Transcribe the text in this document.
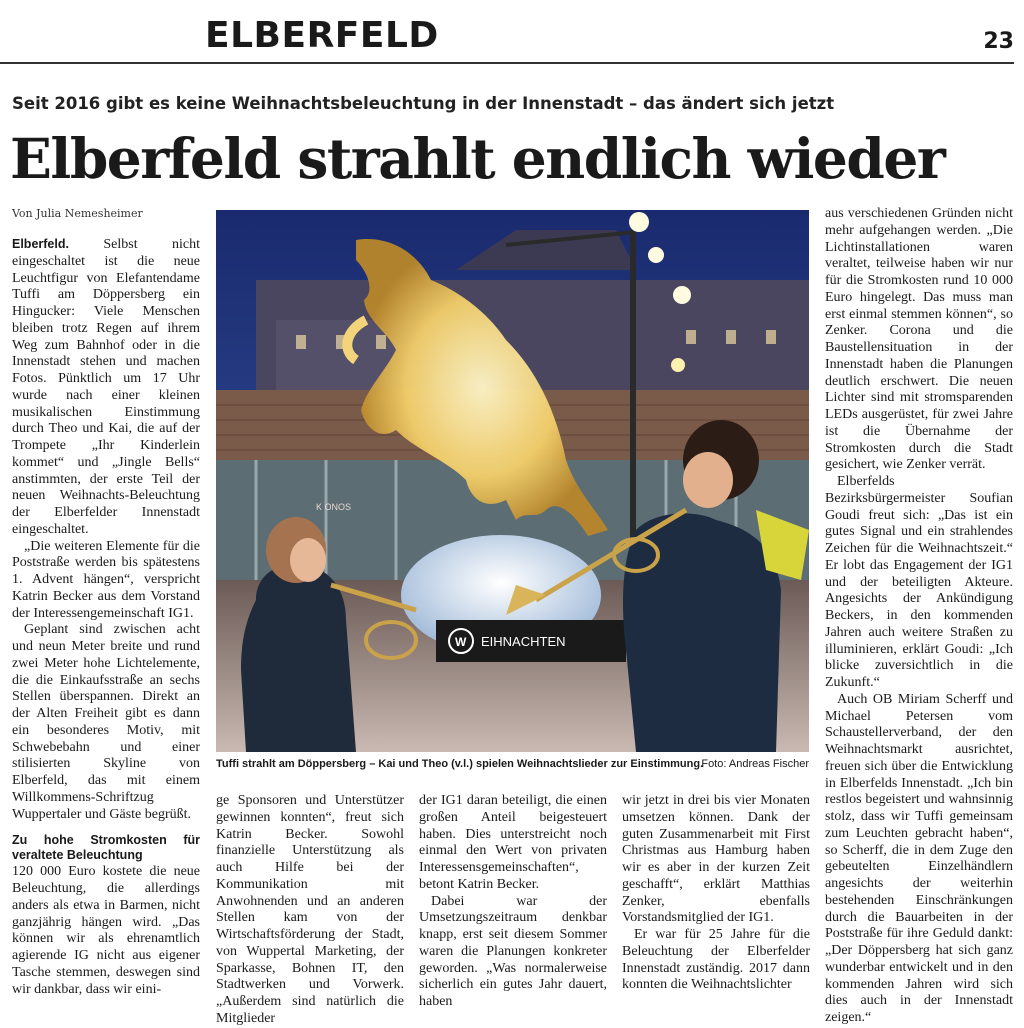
ELBERFELD	23
Seit 2016 gibt es keine Weihnachtsbeleuchtung in der Innenstadt – das ändert sich jetzt
Elberfeld strahlt endlich wieder
Von Julia Nemesheimer

Elberfeld. Selbst nicht eingeschaltet ist die neue Leuchtfigur von Elefantendame Tuffi am Döppersberg ein Hingucker: Viele Menschen bleiben trotz Regen auf ihrem Weg zum Bahnhof oder in die Innenstadt stehen und machen Fotos. Pünktlich um 17 Uhr wurde nach einer kleinen musikalischen Einstimmung durch Theo und Kai, die auf der Trompete „Ihr Kinderlein kommet“ und „Jingle Bells“ anstimmten, der erste Teil der neuen Weihnachts-Beleuchtung der Elberfelder Innenstadt eingeschaltet.

„Die weiteren Elemente für die Poststraße werden bis spätestens 1. Advent hängen“, verspricht Katrin Becker aus dem Vorstand der Interessengemeinschaft IG1.

Geplant sind zwischen acht und neun Meter breite und rund zwei Meter hohe Lichtelemente, die die Einkaufsstraße an sechs Stellen überspannen. Direkt an der Alten Freiheit gibt es dann ein besonderes Motiv, mit Schwebebahn und einer stilisierten Skyline von Elberfeld, das mit einem Willkommens-Schriftzug Wuppertaler und Gäste begrüßt.

Zu hohe Stromkosten für veraltete Beleuchtung

120 000 Euro kostete die neue Beleuchtung, die allerdings anders als etwa in Barmen, nicht ganzjährig hängen wird. „Das können wir als ehrenamtlich agierende IG nicht aus eigener Tasche stemmen, deswegen sind wir dankbar, dass wir eini-

K ONOS
W EIHNACHTEN
Tuffi strahlt am Döppersberg – Kai und Theo (v.l.) spielen Weihnachtslieder zur Einstimmung.
Foto: Andreas Fischer

ge Sponsoren und Unterstützer gewinnen konnten“, freut sich Katrin Becker. Sowohl finanzielle Unterstützung als auch Hilfe bei der Kommunikation mit Anwohnenden und an anderen Stellen kam von der Wirtschaftsförderung der Stadt, von Wuppertal Marketing, der Sparkasse, Bohnen IT, den Stadtwerken und Vorwerk. „Außerdem sind natürlich die Mitglieder

der IG1 daran beteiligt, die einen großen Anteil beigesteuert haben. Dies unterstreicht noch einmal den Wert von privaten Interessensgemeinschaften“, betont Katrin Becker.

Dabei war der Umsetzungszeitraum denkbar knapp, erst seit diesem Sommer waren die Planungen konkreter geworden. „Was normalerweise sicherlich ein gutes Jahr dauert, haben

wir jetzt in drei bis vier Monaten umsetzen können. Dank der guten Zusammenarbeit mit First Christmas aus Hamburg haben wir es aber in der kurzen Zeit geschafft“, erklärt Matthias Zenker, ebenfalls Vorstandsmitglied der IG1.

Er war für 25 Jahre für die Beleuchtung der Elberfelder Innenstadt zuständig. 2017 dann konnten die Weihnachtslichter

aus verschiedenen Gründen nicht mehr aufgehangen werden. „Die Lichtinstallationen waren veraltet, teilweise haben wir nur für die Stromkosten rund 10 000 Euro hingelegt. Das muss man erst einmal stemmen können“, so Zenker. Corona und die Baustellensituation in der Innenstadt haben die Planungen deutlich erschwert. Die neuen Lichter sind mit stromsparenden LEDs ausgerüstet, für zwei Jahre ist die Übernahme der Stromkosten durch die Stadt gesichert, wie Zenker verrät.

Elberfelds Bezirksbürgermeister Soufian Goudi freut sich: „Das ist ein gutes Signal und ein strahlendes Zeichen für die Weihnachtszeit.“ Er lobt das Engagement der IG1 und der beteiligten Akteure. Angesichts der Ankündigung Beckers, in den kommenden Jahren auch weitere Straßen zu illuminieren, erklärt Goudi: „Ich blicke zuversichtlich in die Zukunft.“

Auch OB Miriam Scherff und Michael Petersen vom Schaustellerverband, der den Weihnachtsmarkt ausrichtet, freuen sich über die Entwicklung in Elberfelds Innenstadt. „Ich bin restlos begeistert und wahnsinnig stolz, dass wir Tuffi gemeinsam zum Leuchten gebracht haben“, so Scherff, die in dem Zuge den gebeutelten Einzelhändlern angesichts der weiterhin bestehenden Einschränkungen durch die Bauarbeiten in der Poststraße für ihre Geduld dankt: „Der Döppersberg hat sich ganz wunderbar entwickelt und in den kommenden Jahren wird sich dies auch in der Innenstadt zeigen.“
